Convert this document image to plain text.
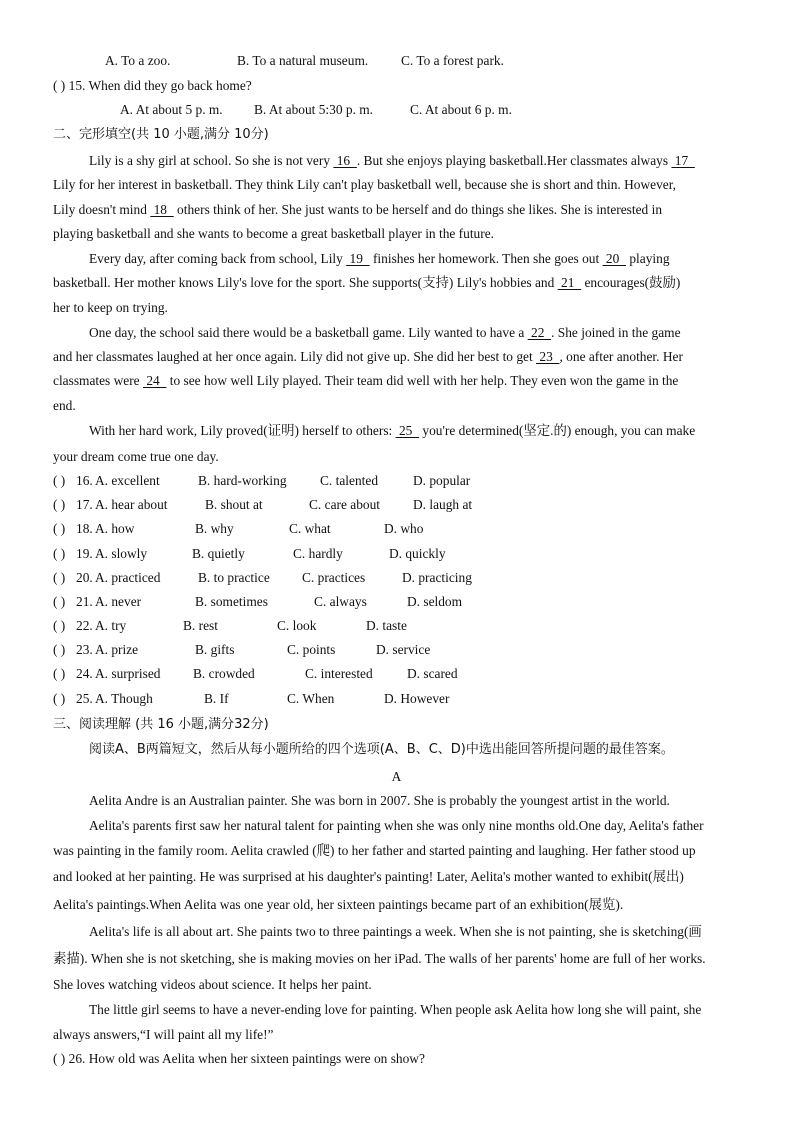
A. To a zoo.	B. To a natural museum. C. To a forest park.
( ) 15. When did they go back home?
A. At about 5 p. m. B. At about 5:30 p. m.	C. At about 6 p. m.
二、完形填空(共 10 小题,满分 10分)
Lily is a shy girl at school. So she is not very  16  . But she enjoys playing basketball.Her classmates always  17
Lily for her interest in basketball. They think Lily can't play basketball well, because she is short and thin. However,
Lily doesn't mind  18   others think of her. She just wants to be herself and do things she likes. She is interested in
playing basketball and she wants to become a great basketball player in the future.
Every day, after coming back from school, Lily  19   finishes her homework. Then she goes out  20   playing
basketball. Her mother knows Lily's love for the sport. She supports(支持) Lily's hobbies and  21   encourages(鼓励)
her to keep on trying.
One day, the school said there would be a basketball game. Lily wanted to have a  22  . She joined in the game
and her classmates laughed at her once again. Lily did not give up. She did her best to get  23  , one after another. Her
classmates were  24   to see how well Lily played. Their team did well with her help. They even won the game in the
end.
With her hard work, Lily proved(证明) herself to others:  25   you're determined(坚定.的) enough, you can make
your dream come true one day.
( ) 16. A. excellent	B. hard-working C. talented	D. popular
( ) 17. A. hear about	B. shout at	C. care about D. laugh at
( ) 18. A. how	B. why	C. what	D. who
( ) 19. A. slowly	B. quietly	C. hardly	D. quickly
( ) 20. A. practiced	B. to practice C. practices	D. practicing
( ) 21. A. never	B. sometimes	C. always	D. seldom
( ) 22. A. try	B. rest	C. look	D. taste
( ) 23. A. prize	B. gifts	C. points	D. service
( ) 24. A. surprised B. crowded	C. interested	D. scared
( ) 25. A. Though	B. If	C. When	D. However
三、阅读理解 (共 16 小题,满分32分)
阅读A、B两篇短文，然后从每小题所给的四个选项(A、B、C、D)中选出能回答所提问题的最佳答案。
A
Aelita Andre is an Australian painter. She was born in 2007. She is probably the youngest artist in the world.
Aelita's parents first saw her natural talent for painting when she was only nine months old.One day, Aelita's father
was painting in the family room. Aelita crawled (爬) to her father and started painting and laughing. Her father stood up
and looked at her painting. He was surprised at his daughter's painting! Later, Aelita's mother wanted to exhibit(展出)
Aelita's paintings.When Aelita was one year old, her sixteen paintings became part of an exhibition(展览).
Aelita's life is all about art. She paints two to three paintings a week. When she is not painting, she is sketching(画
素描). When she is not sketching, she is making movies on her iPad. The walls of her parents' home are full of her works.
She loves watching videos about science. It helps her paint.
The little girl seems to have a never-ending love for painting. When people ask Aelita how long she will paint, she
always answers,“I will paint all my life!”
( ) 26. How old was Aelita when her sixteen paintings were on show?
